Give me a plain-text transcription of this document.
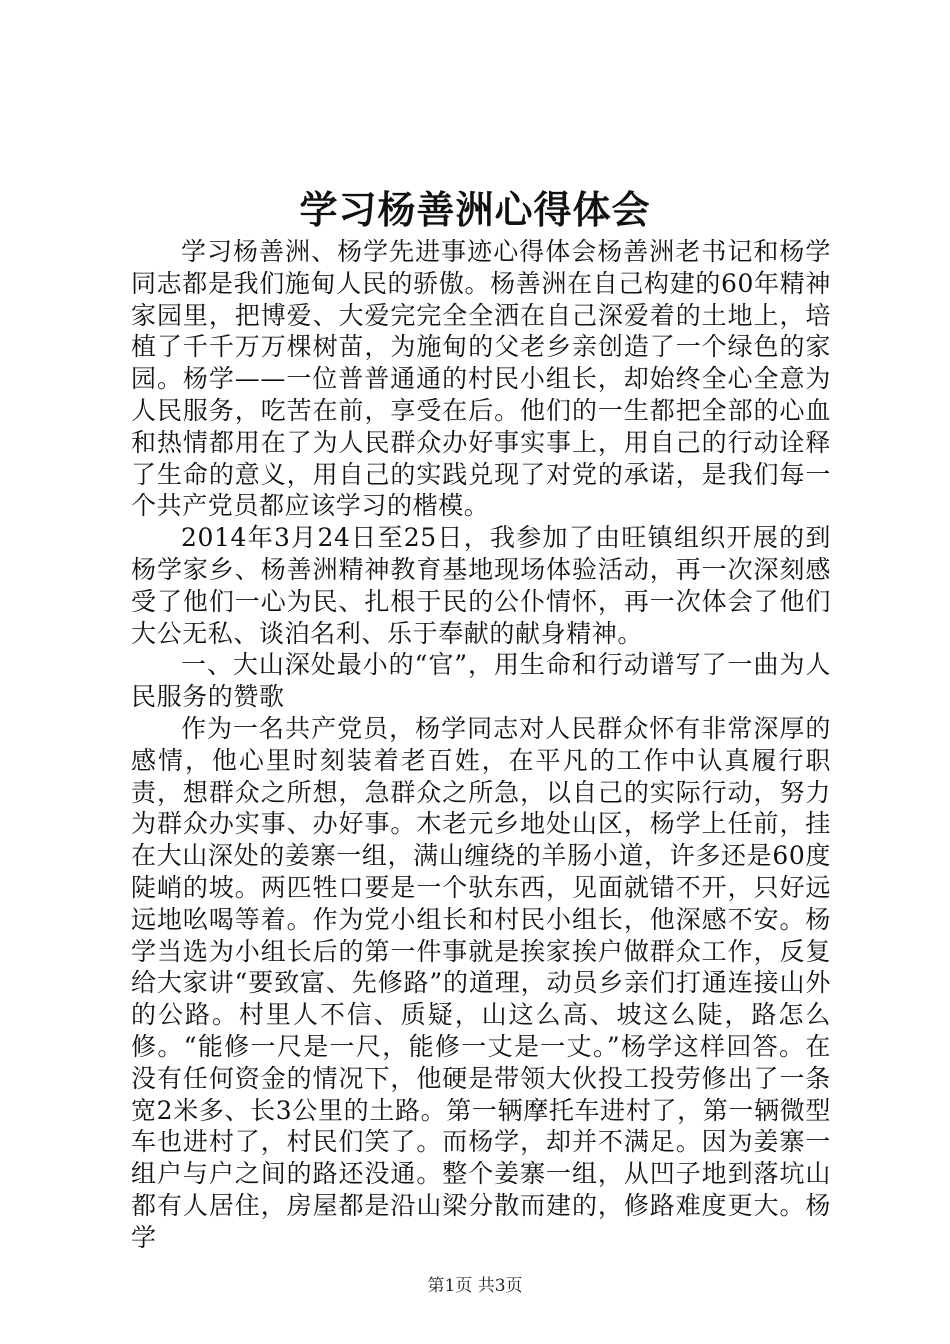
学习杨善洲心得体会

学习杨善洲、杨学先进事迹心得体会杨善洲老书记和杨学同志都是我们施甸人民的骄傲。杨善洲在自己构建的60年精神家园里，把博爱、大爱完完全全洒在自己深爱着的土地上，培植了千千万万棵树苗，为施甸的父老乡亲创造了一个绿色的家园。杨学——一位普普通通的村民小组长，却始终全心全意为人民服务，吃苦在前，享受在后。他们的一生都把全部的心血和热情都用在了为人民群众办好事实事上，用自己的行动诠释了生命的意义，用自己的实践兑现了对党的承诺，是我们每一个共产党员都应该学习的楷模。

2014年3月24日至25日，我参加了由旺镇组织开展的到杨学家乡、杨善洲精神教育基地现场体验活动，再一次深刻感受了他们一心为民、扎根于民的公仆情怀，再一次体会了他们大公无私、谈泊名利、乐于奉献的献身精神。

一、大山深处最小的“官”，用生命和行动谱写了一曲为人民服务的赞歌

作为一名共产党员，杨学同志对人民群众怀有非常深厚的感情，他心里时刻装着老百姓，在平凡的工作中认真履行职责，想群众之所想，急群众之所急，以自己的实际行动，努力为群众办实事、办好事。木老元乡地处山区，杨学上任前，挂在大山深处的姜寨一组，满山缠绕的羊肠小道，许多还是60度陡峭的坡。两匹牲口要是一个驮东西，见面就错不开，只好远远地吆喝等着。作为党小组长和村民小组长，他深感不安。杨学当选为小组长后的第一件事就是挨家挨户做群众工作，反复给大家讲“要致富、先修路”的道理，动员乡亲们打通连接山外的公路。村里人不信、质疑，山这么高、坡这么陡，路怎么修。“能修一尺是一尺，能修一丈是一丈。”杨学这样回答。在没有任何资金的情况下，他硬是带领大伙投工投劳修出了一条宽2米多、长3公里的土路。第一辆摩托车进村了，第一辆微型车也进村了，村民们笑了。而杨学，却并不满足。因为姜寨一组户与户之间的路还没通。整个姜寨一组，从凹子地到落坑山都有人居住，房屋都是沿山梁分散而建的，修路难度更大。杨学

第1页 共3页
